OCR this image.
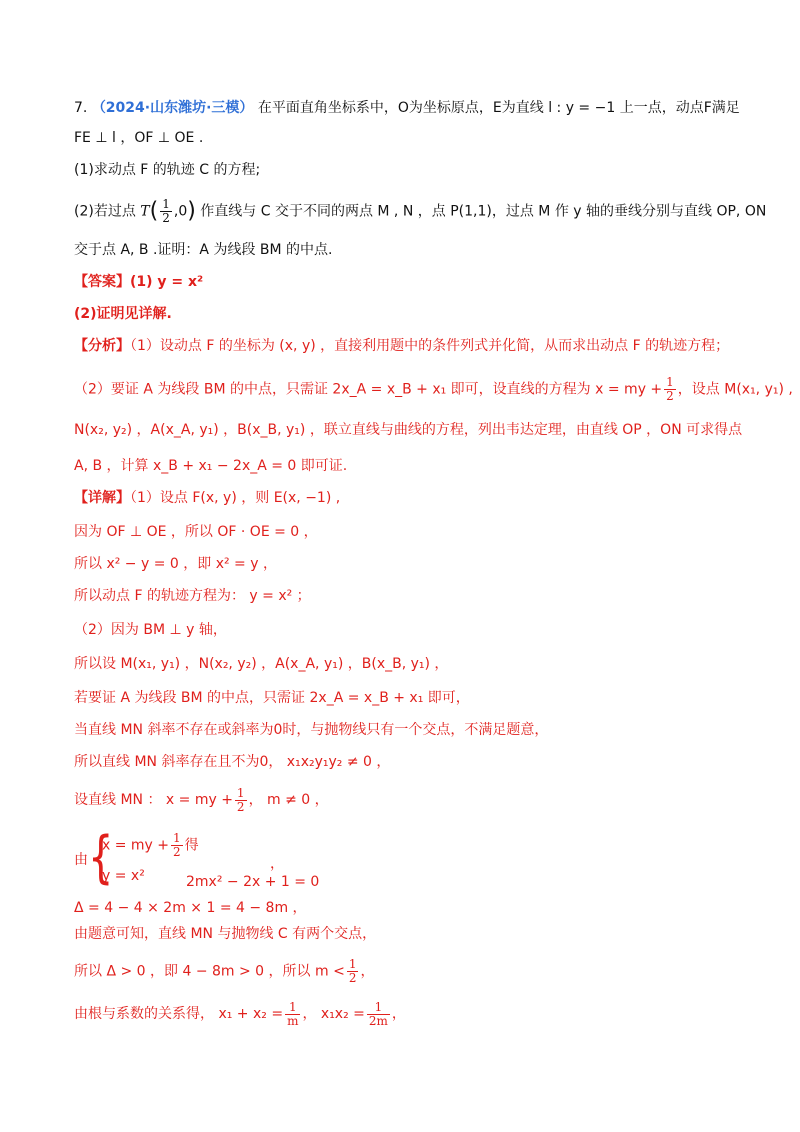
7. （2024·山东潍坊·三模） 在平面直角坐标系中，O为坐标原点，E为直线 l : y = −1 上一点，动点F满足
FE ⊥ l ，OF ⊥ OE .
(1)求动点 F 的轨迹 C 的方程;
(2)若过点 $T( \frac{1}{2} ,0)$ 作直线与 C 交于不同的两点 M , N ，点 P(1,1)，过点 M 作 y 轴的垂线分别与直线 OP, ON
交于点 A, B .证明：A 为线段 BM 的中点.
【答案】(1) y = x²
(2)证明见详解.
【分析】（1）设动点 F 的坐标为 (x, y) ，直接利用题中的条件列式并化简，从而求出动点 F 的轨迹方程；
（2）要证 A 为线段 BM 的中点，只需证 2x_A = x_B + x₁ 即可，设直线的方程为 x = my + $\frac{1}{2}$ ，设点 M(x₁, y₁) ,
N(x₂, y₂) ，A(x_A, y₁) ，B(x_B, y₁) ，联立直线与曲线的方程，列出韦达定理，由直线 OP ，ON 可求得点
A, B ，计算 x_B + x₁ − 2x_A = 0 即可证.
【详解】（1）设点 F(x, y) ，则 E(x, −1) ,
因为 OF ⊥ OE ，所以 OF · OE = 0 ，
所以 x² − y = 0 ，即 x² = y ，
所以动点 F 的轨迹方程为： y = x² ；
（2）因为 BM ⊥ y 轴，
所以设 M(x₁, y₁) ，N(x₂, y₂) ，A(x_A, y₁) ，B(x_B, y₁) ，
若要证 A 为线段 BM 的中点，只需证 2x_A = x_B + x₁ 即可，
当直线 MN 斜率不存在或斜率为0时，与抛物线只有一个交点，不满足题意，
所以直线 MN 斜率存在且不为0， x₁x₂y₁y₂ ≠ 0 ，
设直线 MN ： x = my + $\frac{1}{2}$ ， m ≠ 0 ，
由 {
x = my + $\frac{1}{2}$ 得
y = x²
，
2mx² − 2x + 1 = 0
Δ = 4 − 4 × 2m × 1 = 4 − 8m ，
由题意可知，直线 MN 与抛物线 C 有两个交点，
所以 Δ > 0 ，即 4 − 8m > 0 ，所以 $m < \frac{1}{2}$ ，
由根与系数的关系得， $x_1 + x_2 = \frac{1}{m}$ ， $x_1x_2 = \frac{1}{2m}$ ，
